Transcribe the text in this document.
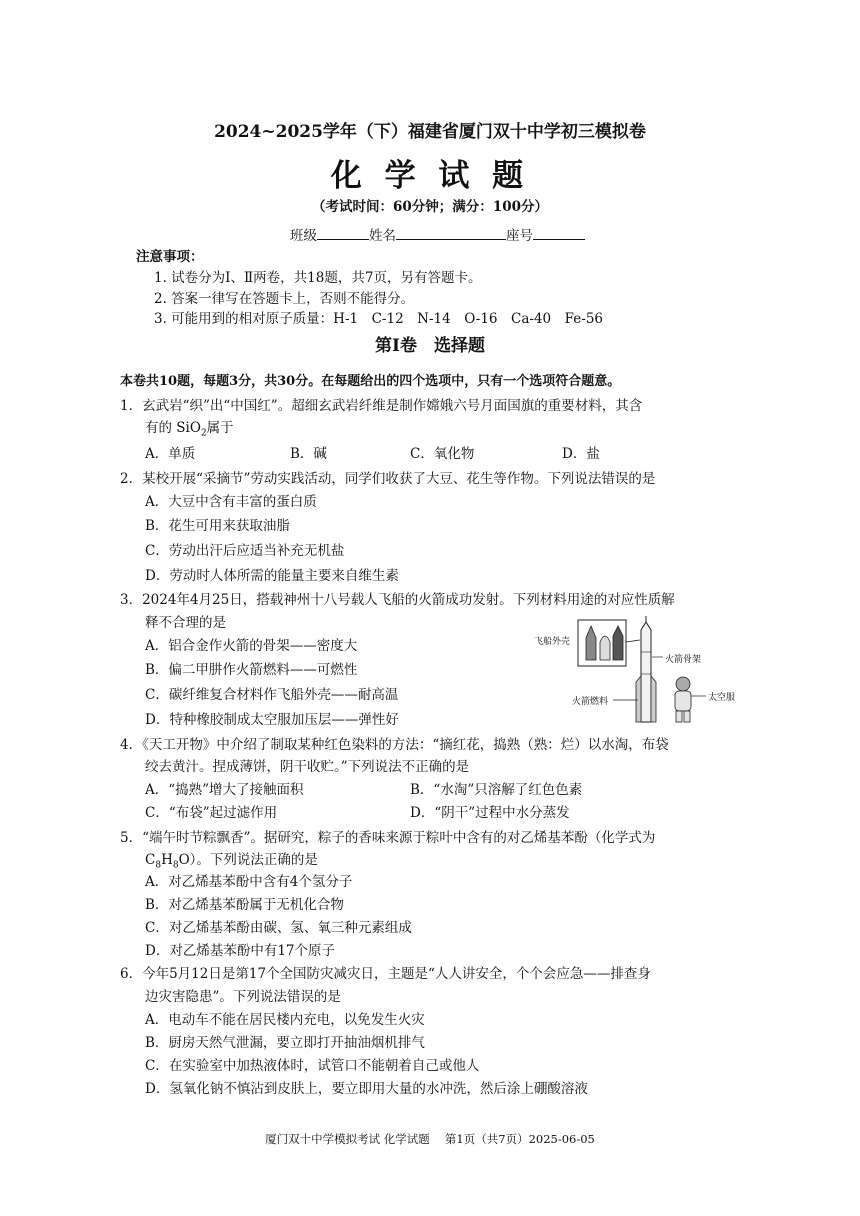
2024~2025学年（下）福建省厦门双十中学初三模拟卷
化 学 试 题
（考试时间：60分钟；满分：100分）
班级	姓名	座号
注意事项：
1. 试卷分为Ⅰ、Ⅱ两卷，共18题，共7页，另有答题卡。
2. 答案一律写在答题卡上，否则不能得分。
3. 可能用到的相对原子质量：H-1　C-12　N-14　O-16　Ca-40　Fe-56
第Ⅰ卷　选择题
本卷共10题，每题3分，共30分。在每题给出的四个选项中，只有一个选项符合题意。
1．玄武岩“织”出“中国红”。超细玄武岩纤维是制作嫦娥六号月面国旗的重要材料，其含
有的 SiO$_2$属于
A．单质	B．碱	C．氧化物	D．盐
2．某校开展“采摘节”劳动实践活动，同学们收获了大豆、花生等作物。下列说法错误的是
A．大豆中含有丰富的蛋白质
B．花生可用来获取油脂
C．劳动出汗后应适当补充无机盐
D．劳动时人体所需的能量主要来自维生素
3．2024年4月25日，搭载神州十八号载人飞船的火箭成功发射。下列材料用途的对应性质解
释不合理的是
A．铝合金作火箭的骨架——密度大
B．偏二甲肼作火箭燃料——可燃性
C．碳纤维复合材料作飞船外壳——耐高温
D．特种橡胶制成太空服加压层——弹性好
飞船外壳
火箭骨架
火箭燃料	太空服
4．《天工开物》中介绍了制取某种红色染料的方法：“摘红花，捣熟（熟：烂）以水淘，布袋
绞去黄汁。捏成薄饼，阴干收贮。”下列说法不正确的是
A．“捣熟”增大了接触面积	B．“水淘”只溶解了红色色素
C．“布袋”起过滤作用	D．“阴干”过程中水分蒸发
5．“端午时节粽飘香”。据研究，粽子的香味来源于粽叶中含有的对乙烯基苯酚（化学式为
$C_8H_8O$）。下列说法正确的是
A．对乙烯基苯酚中含有4个氢分子
B．对乙烯基苯酚属于无机化合物
C．对乙烯基苯酚由碳、氢、氧三种元素组成
D．对乙烯基苯酚中有17个原子
6．今年5月12日是第17个全国防灾减灾日，主题是“人人讲安全，个个会应急——排查身
边灾害隐患”。下列说法错误的是
A．电动车不能在居民楼内充电，以免发生火灾
B．厨房天然气泄漏，要立即打开抽油烟机排气
C．在实验室中加热液体时，试管口不能朝着自己或他人
D．氢氧化钠不慎沾到皮肤上，要立即用大量的水冲洗，然后涂上硼酸溶液
厦门双十中学模拟考试 化学试题　 第1页（共7页）2025-06-05
